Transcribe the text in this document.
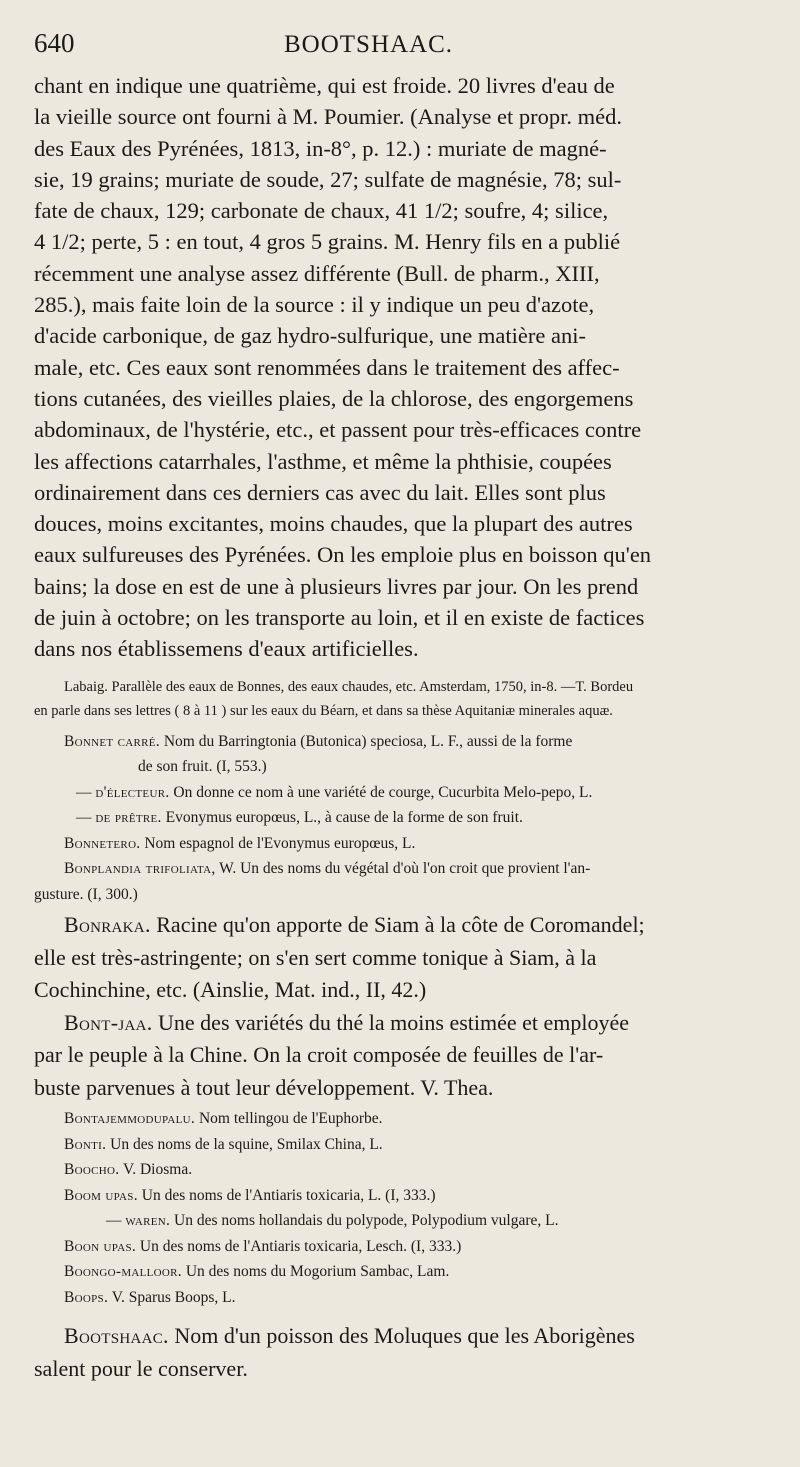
640	BOOTSHAAC.

chant en indique une quatrième, qui est froide. 20 livres d'eau de

la vieille source ont fourni à M. Poumier. (Analyse et propr. méd.

des Eaux des Pyrénées, 1813, in-8°, p. 12.) : muriate de magné-

sie, 19 grains; muriate de soude, 27; sulfate de magnésie, 78; sul-

fate de chaux, 129; carbonate de chaux, 41 1/2; soufre, 4; silice,

4 1/2; perte, 5 : en tout, 4 gros 5 grains. M. Henry fils en a publié

récemment une analyse assez différente (Bull. de pharm., XIII,

285.), mais faite loin de la source : il y indique un peu d'azote,

d'acide carbonique, de gaz hydro-sulfurique, une matière ani-

male, etc. Ces eaux sont renommées dans le traitement des affec-

tions cutanées, des vieilles plaies, de la chlorose, des engorgemens

abdominaux, de l'hystérie, etc., et passent pour très-efficaces contre

les affections catarrhales, l'asthme, et même la phthisie, coupées

ordinairement dans ces derniers cas avec du lait. Elles sont plus

douces, moins excitantes, moins chaudes, que la plupart des autres

eaux sulfureuses des Pyrénées. On les emploie plus en boisson qu'en

bains; la dose en est de une à plusieurs livres par jour. On les prend

de juin à octobre; on les transporte au loin, et il en existe de factices

dans nos établissemens d'eaux artificielles.

Labaig. Parallèle des eaux de Bonnes, des eaux chaudes, etc. Amsterdam, 1750, in-8. —T. Bordeu
en parle dans ses lettres ( 8 à 11 ) sur les eaux du Béarn, et dans sa thèse Aquitaniæ minerales aquæ.

Bonnet carré. Nom du Barringtonia (Butonica) speciosa, L. F., aussi de la forme

de son fruit. (I, 553.)

— d'électeur. On donne ce nom à une variété de courge, Cucurbita Melo-pepo, L.

— de prêtre. Evonymus europœus, L., à cause de la forme de son fruit.

Bonnetero. Nom espagnol de l'Evonymus europœus, L.

Bonplandia trifoliata, W. Un des noms du végétal d'où l'on croit que provient l'an-

gusture. (I, 300.)

Bonraka. Racine qu'on apporte de Siam à la côte de Coromandel;

elle est très-astringente; on s'en sert comme tonique à Siam, à la

Cochinchine, etc. (Ainslie, Mat. ind., II, 42.)

Bont-jaa. Une des variétés du thé la moins estimée et employée

par le peuple à la Chine. On la croit composée de feuilles de l'ar-

buste parvenues à tout leur développement. V. Thea.

Bontajemmodupalu. Nom tellingou de l'Euphorbe.

Bonti. Un des noms de la squine, Smilax China, L.

Boocho. V. Diosma.

Boom upas. Un des noms de l'Antiaris toxicaria, L. (I, 333.)

— waren. Un des noms hollandais du polypode, Polypodium vulgare, L.

Boon upas. Un des noms de l'Antiaris toxicaria, Lesch. (I, 333.)

Boongo-malloor. Un des noms du Mogorium Sambac, Lam.

Boops. V. Sparus Boops, L.

Bootshaac. Nom d'un poisson des Moluques que les Aborigènes

salent pour le conserver.
